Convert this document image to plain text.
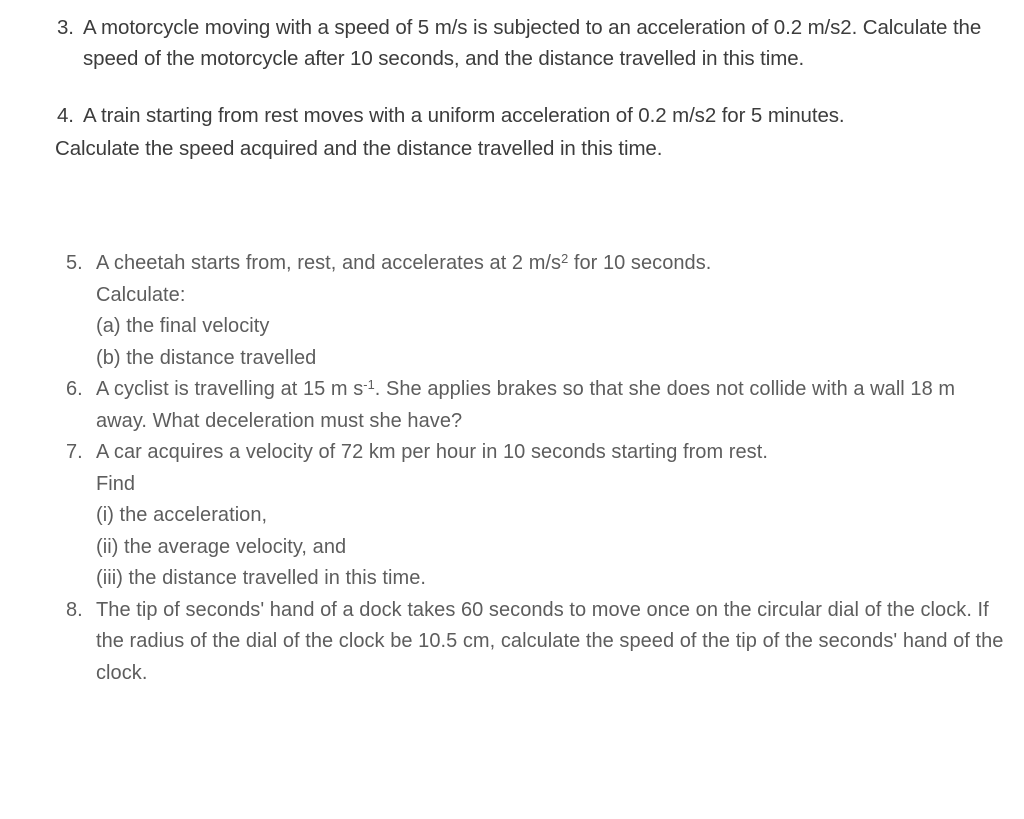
3. A motorcycle moving with a speed of 5 m/s is subjected to an acceleration of 0.2 m/s2. Calculate the speed of the motorcycle after 10 seconds, and the distance travelled in this time.
4. A train starting from rest moves with a uniform acceleration of 0.2 m/s2 for 5 minutes.
Calculate the speed acquired and the distance travelled in this time.
5. A cheetah starts from, rest, and accelerates at 2 $m/s^2$ for 10 seconds.
Calculate:
(a) the final velocity
(b) the distance travelled
6. A cyclist is travelling at 15 m $s^{-1}$. She applies brakes so that she does not collide with a wall 18 m away. What deceleration must she have?
7. A car acquires a velocity of 72 km per hour in 10 seconds starting from rest.
Find
(i) the acceleration,
(ii) the average velocity, and
(iii) the distance travelled in this time.
8. The tip of seconds' hand of a dock takes 60 seconds to move once on the circular dial of the clock. If the radius of the dial of the clock be 10.5 cm, calculate the speed of the tip of the seconds' hand of the clock.
